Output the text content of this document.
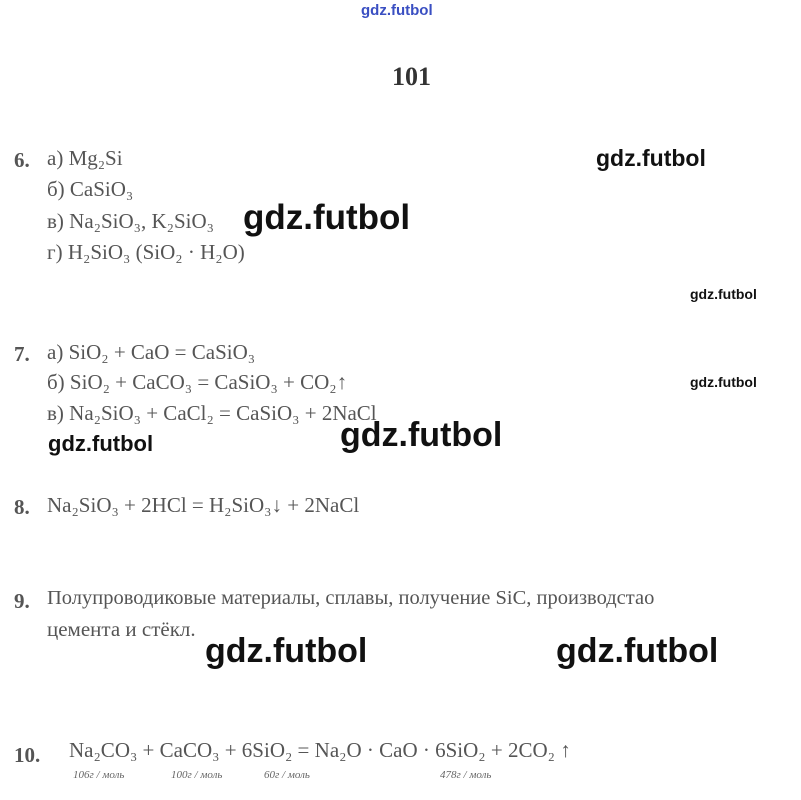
gdz.futbol
101
6. а) Mg₂Si
б) CaSiO₃
в) Na₂SiO₃, K₂SiO₃
г) H₂SiO₃ (SiO₂ · H₂O)
gdz.futbol
gdz.futbol
gdz.futbol
7. а) SiO₂ + CaO = CaSiO₃
б) SiO₂ + CaCO₃ = CaSiO₃ + CO₂↑
в) Na₂SiO₃ + CaCl₂ = CaSiO₃ + 2NaCl
gdz.futbol
gdz.futbol	gdz.futbol
8. Na₂SiO₃ + 2HCl = H₂SiO₃↓ + 2NaCl
9. Полупроводиковые материалы, сплавы, получение SiC, производстао
цемента и стёкл.
gdz.futbol	gdz.futbol
10. Na₂CO₃ + CaCO₃ + 6SiO₂ = Na₂O · CaO · 6SiO₂ + 2CO₂ ↑
106г / моль	100г / моль	60г / моль	478г / моль
